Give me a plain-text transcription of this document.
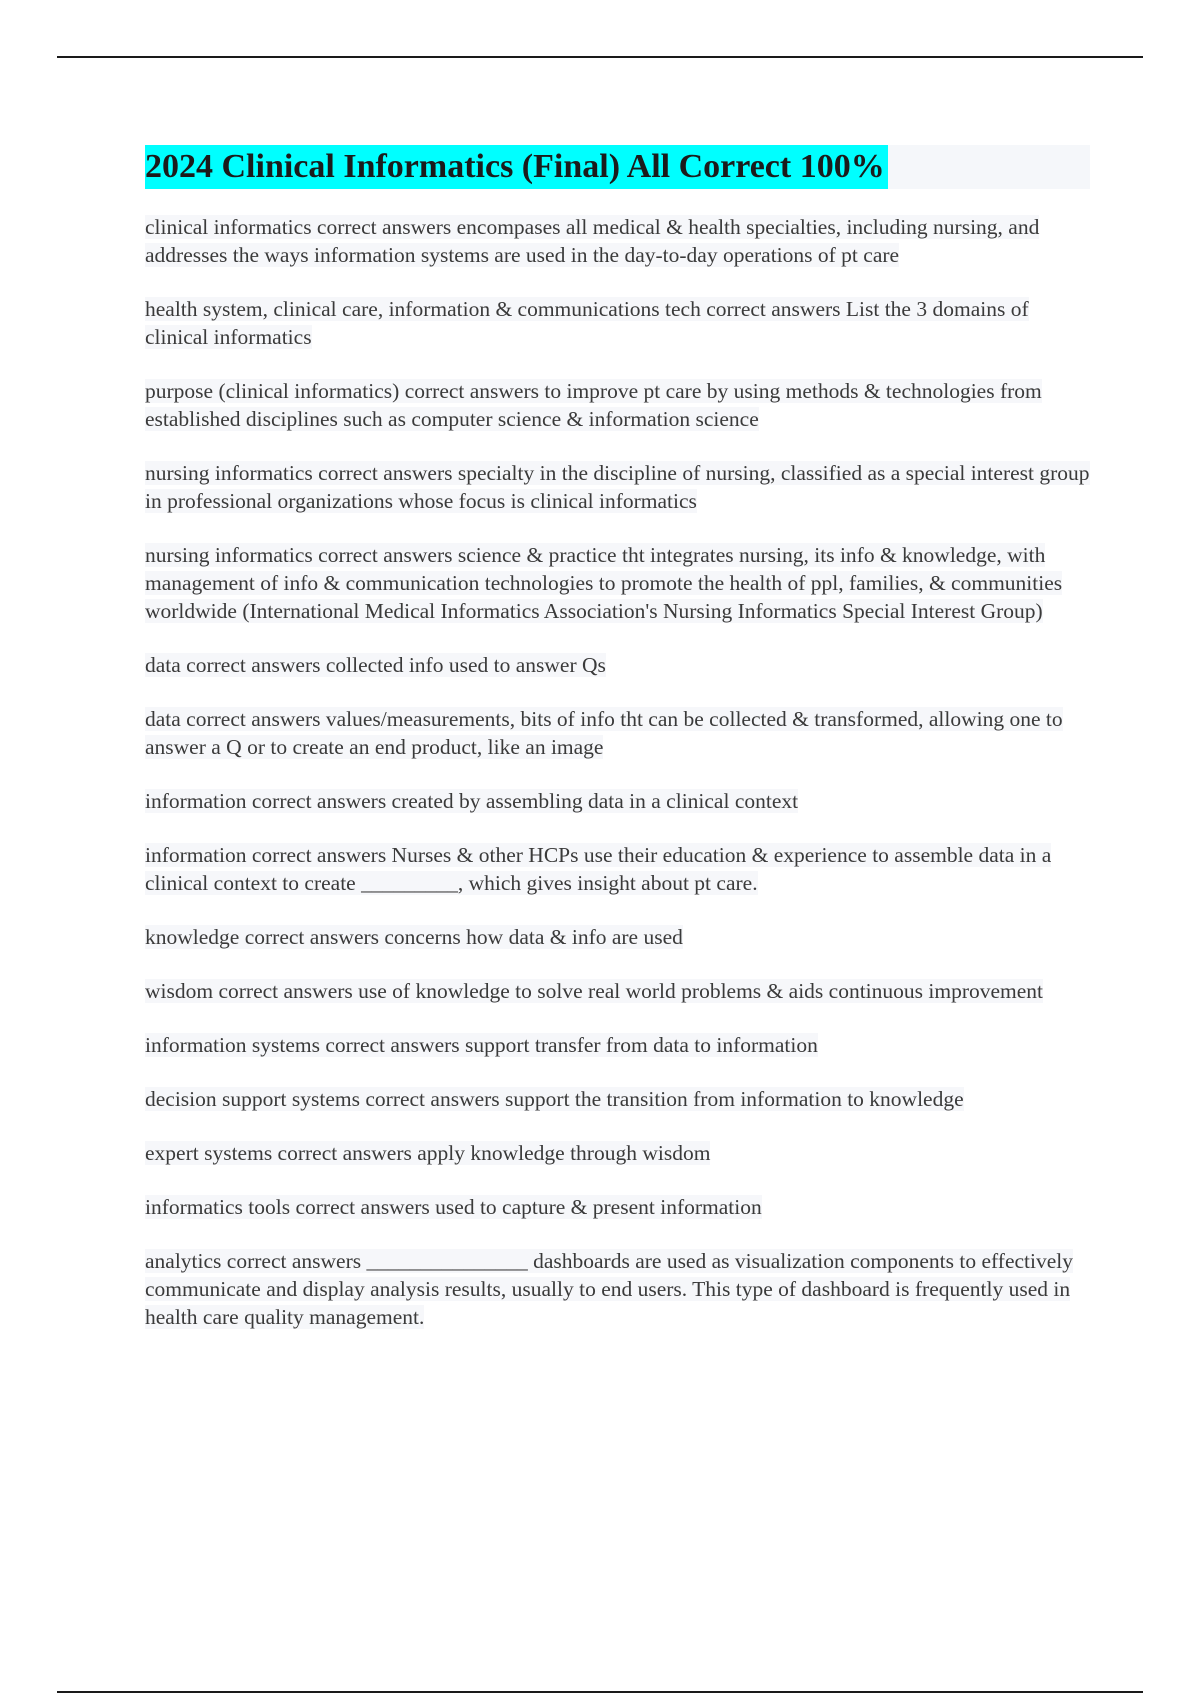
2024 Clinical Informatics (Final) All Correct 100%

clinical informatics correct answers encompases all medical & health specialties, including nursing, and addresses the ways information systems are used in the day-to-day operations of pt care

health system, clinical care, information & communications tech correct answers List the 3 domains of clinical informatics

purpose (clinical informatics) correct answers to improve pt care by using methods & technologies from established disciplines such as computer science & information science

nursing informatics correct answers specialty in the discipline of nursing, classified as a special interest group in professional organizations whose focus is clinical informatics

nursing informatics correct answers science & practice tht integrates nursing, its info & knowledge, with management of info & communication technologies to promote the health of ppl, families, & communities worldwide (International Medical Informatics Association's Nursing Informatics Special Interest Group)

data correct answers collected info used to answer Qs

data correct answers values/measurements, bits of info tht can be collected & transformed, allowing one to answer a Q or to create an end product, like an image

information correct answers created by assembling data in a clinical context

information correct answers Nurses & other HCPs use their education & experience to assemble data in a clinical context to create _________, which gives insight about pt care.

knowledge correct answers concerns how data & info are used

wisdom correct answers use of knowledge to solve real world problems & aids continuous improvement

information systems correct answers support transfer from data to information

decision support systems correct answers support the transition from information to knowledge

expert systems correct answers apply knowledge through wisdom

informatics tools correct answers used to capture & present information

analytics correct answers _______________ dashboards are used as visualization components to effectively communicate and display analysis results, usually to end users. This type of dashboard is frequently used in health care quality management.
